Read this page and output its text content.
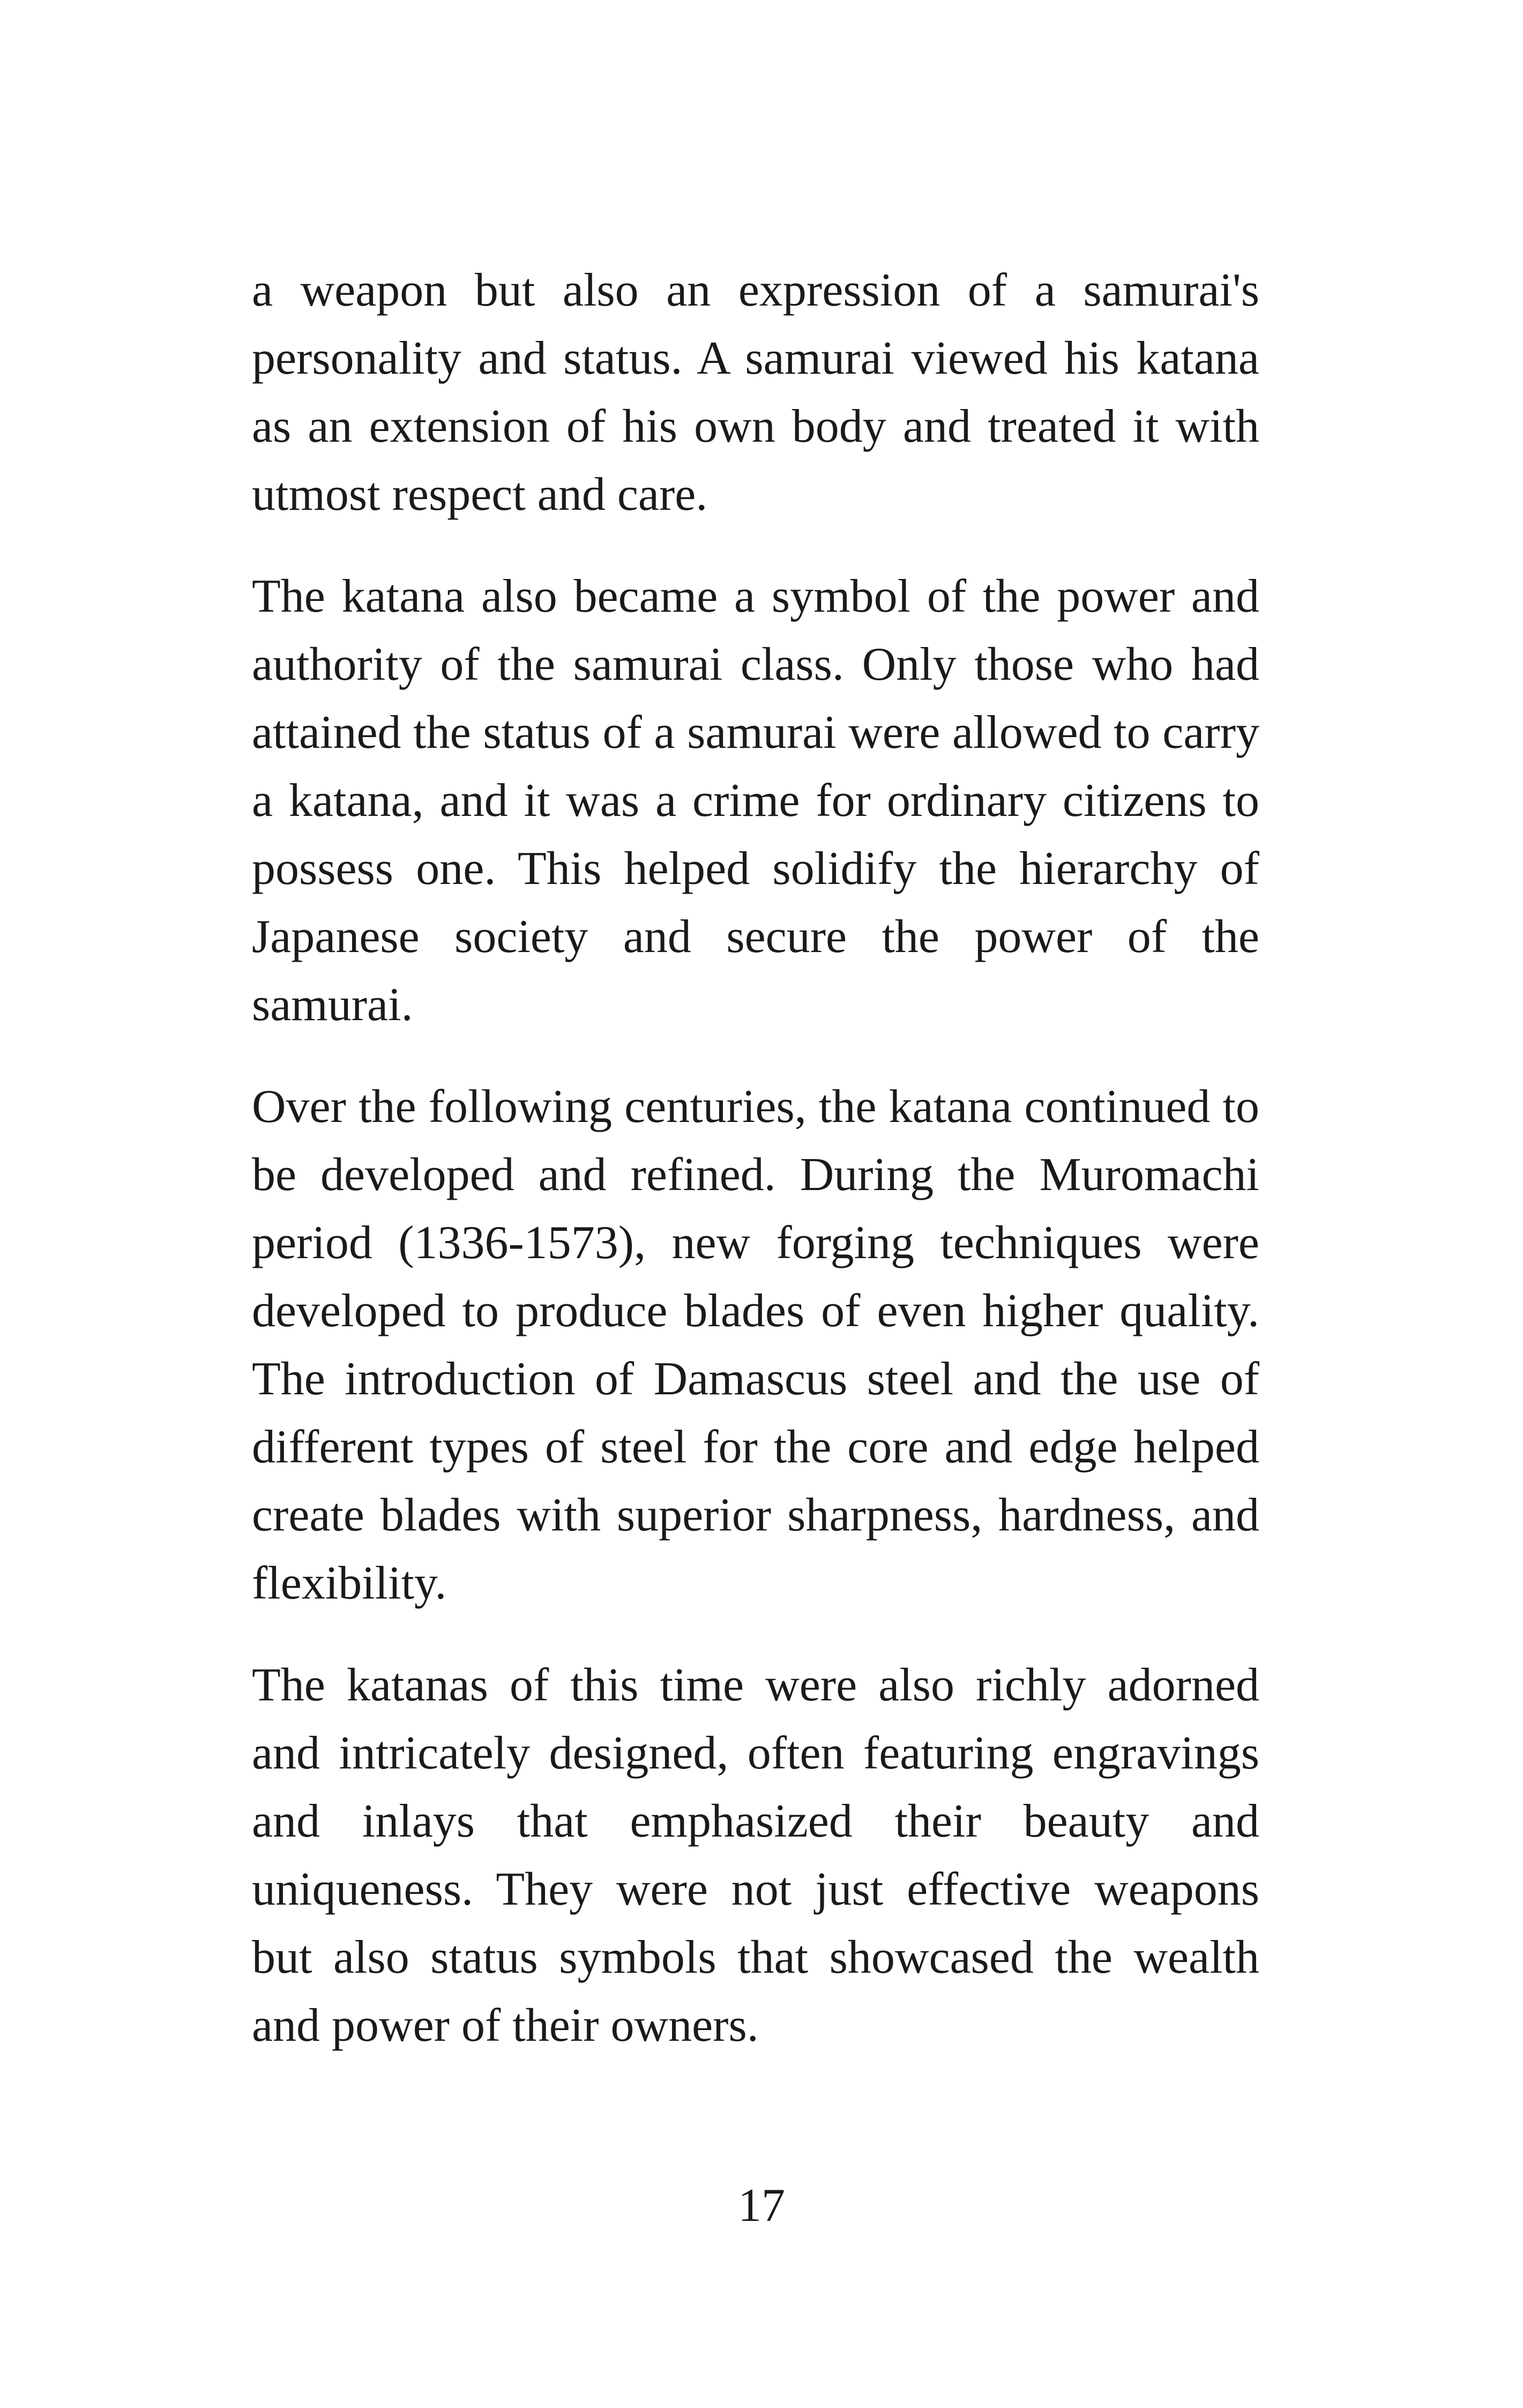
a weapon but also an expression of a samurai's personality and status. A samurai viewed his katana as an extension of his own body and treated it with utmost respect and care.

The katana also became a symbol of the power and authority of the samurai class. Only those who had attained the status of a samurai were allowed to carry a katana, and it was a crime for ordinary citizens to possess one. This helped solidify the hierarchy of Japanese society and secure the power of the samurai.

Over the following centuries, the katana continued to be developed and refined. During the Muromachi period (1336-1573), new forging techniques were developed to produce blades of even higher quality. The introduction of Damascus steel and the use of different types of steel for the core and edge helped create blades with superior sharpness, hardness, and flexibility.

The katanas of this time were also richly adorned and intricately designed, often featuring engravings and inlays that emphasized their beauty and uniqueness. They were not just effective weapons but also status symbols that showcased the wealth and power of their owners.

17
